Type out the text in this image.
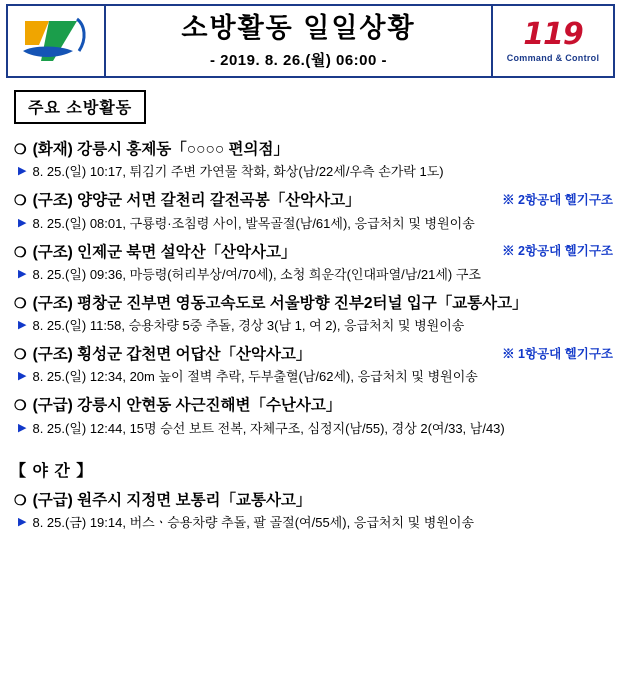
소방활동 일일상황
- 2019. 8. 26.(월) 06:00 -
119
Command & Control
주요 소방활동
❍ (화재) 강릉시 홍제동「○○○○ 편의점」
▶ 8. 25.(일) 10:17, 튀김기 주변 가연물 착화, 화상(남/22세/우측 손가락 1도)
❍ (구조) 양양군 서면 갈천리 갈전곡봉「산악사고」	※ 2항공대 헬기구조
▶ 8. 25.(일) 08:01, 구룡령·조침령 사이, 발목골절(남/61세), 응급처치 및 병원이송
❍ (구조) 인제군 북면 설악산「산악사고」	※ 2항공대 헬기구조
▶ 8. 25.(일) 09:36, 마등령(허리부상/여/70세), 소청 희운각(인대파열/남/21세) 구조
❍ (구조) 평창군 진부면 영동고속도로 서울방향 진부2터널 입구「교통사고」
▶ 8. 25.(일) 11:58, 승용차량 5중 추돌, 경상 3(남 1, 여 2), 응급처치 및 병원이송
❍ (구조) 횡성군 갑천면 어답산「산악사고」	※ 1항공대 헬기구조
▶ 8. 25.(일) 12:34, 20m 높이 절벽 추락, 두부출혈(남/62세), 응급처치 및 병원이송
❍ (구급) 강릉시 안현동 사근진해변「수난사고」
▶ 8. 25.(일) 12:44, 15명 승선 보트 전복, 자체구조, 심정지(남/55), 경상 2(여/33, 남/43)
【 야 간 】
❍ (구급) 원주시 지정면 보통리「교통사고」
▶ 8. 25.(금) 19:14, 버스ㆍ승용차량 추돌, 팔 골절(여/55세), 응급처치 및 병원이송
